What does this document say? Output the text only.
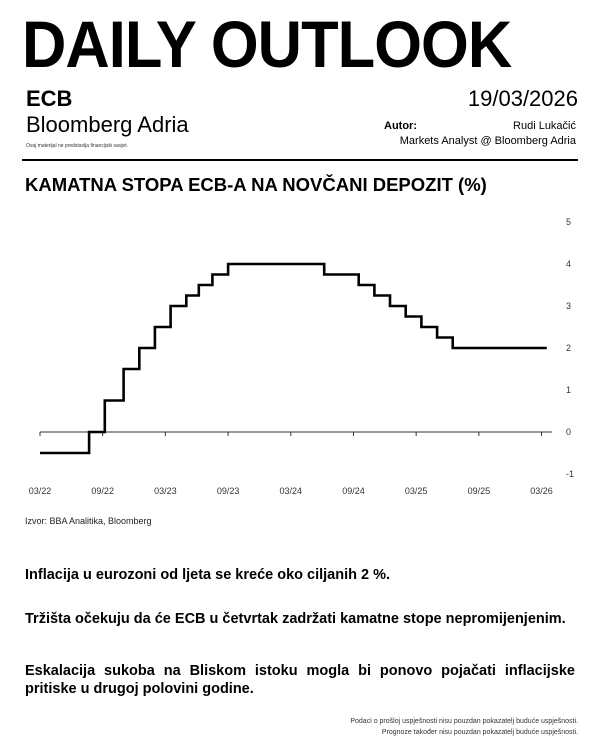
DAILY OUTLOOK
ECB	19/03/2026
Bloomberg Adria
Ovaj materijal ne predstavlja financijski savjet.
Autor:	Rudi Lukačić
Markets Analyst @ Bloomberg Adria
KAMATNA STOPA ECB-A NA NOVČANI DEPOZIT (%)
5
4
3
2
1
0
-1
03/22	09/22	03/23	09/23	03/24	09/24	03/25	09/25	03/26
Izvor: BBA Analitika, Bloomberg
Inflacija u eurozoni od ljeta se kreće oko ciljanih 2 %.
Tržišta očekuju da će ECB u četvrtak zadržati kamatne stope nepromijenjenim.
Eskalacija sukoba na Bliskom istoku mogla bi ponovo pojačati inflacijske pritiske u drugoj polovini godine.
Podaci o prošloj uspješnosti nisu pouzdan pokazatelj buduće uspješnosti.
Prognoze također nisu pouzdan pokazatelj buduće uspješnosti.
